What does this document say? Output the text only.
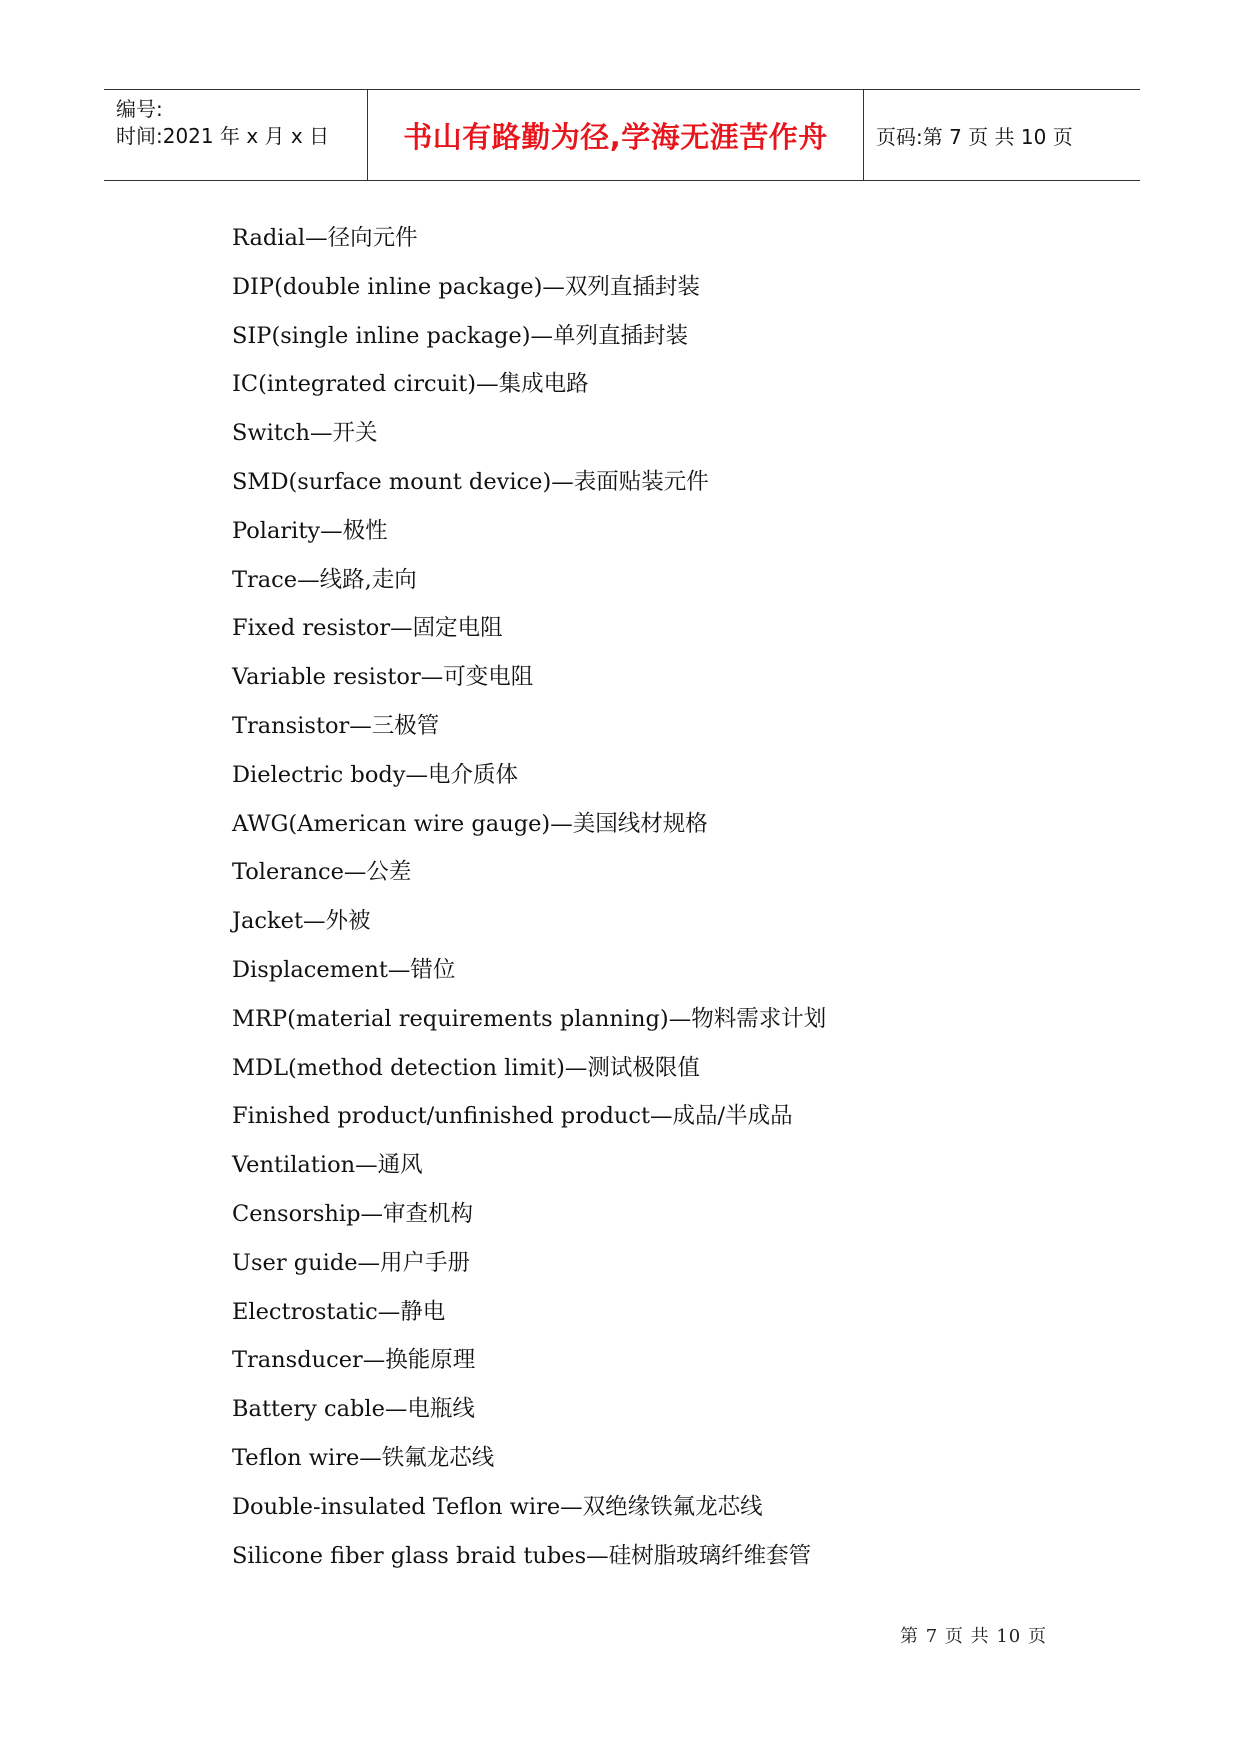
编号:
时间:2021 年 x 月 x 日	书山有路勤为径,学海无涯苦作舟 页码:第 7 页 共 10 页
Radial—径向元件
DIP(double inline package)—双列直插封装
SIP(single inline package)—单列直插封装
IC(integrated circuit)—集成电路
Switch—开关
SMD(surface mount device)—表面贴装元件
Polarity—极性
Trace—线路,走向
Fixed resistor—固定电阻
Variable resistor—可变电阻
Transistor—三极管
Dielectric body—电介质体
AWG(American wire gauge)—美国线材规格
Tolerance—公差
Jacket—外被
Displacement—错位
MRP(material requirements planning)—物料需求计划
MDL(method detection limit)—测试极限值
Finished product/unfinished product—成品/半成品
Ventilation—通风
Censorship—审查机构
User guide—用户手册
Electrostatic—静电
Transducer—换能原理
Battery cable—电瓶线
Teflon wire—铁氟龙芯线
Double-insulated Teflon wire—双绝缘铁氟龙芯线
Silicone fiber glass braid tubes—硅树脂玻璃纤维套管
第 7 页 共 10 页
